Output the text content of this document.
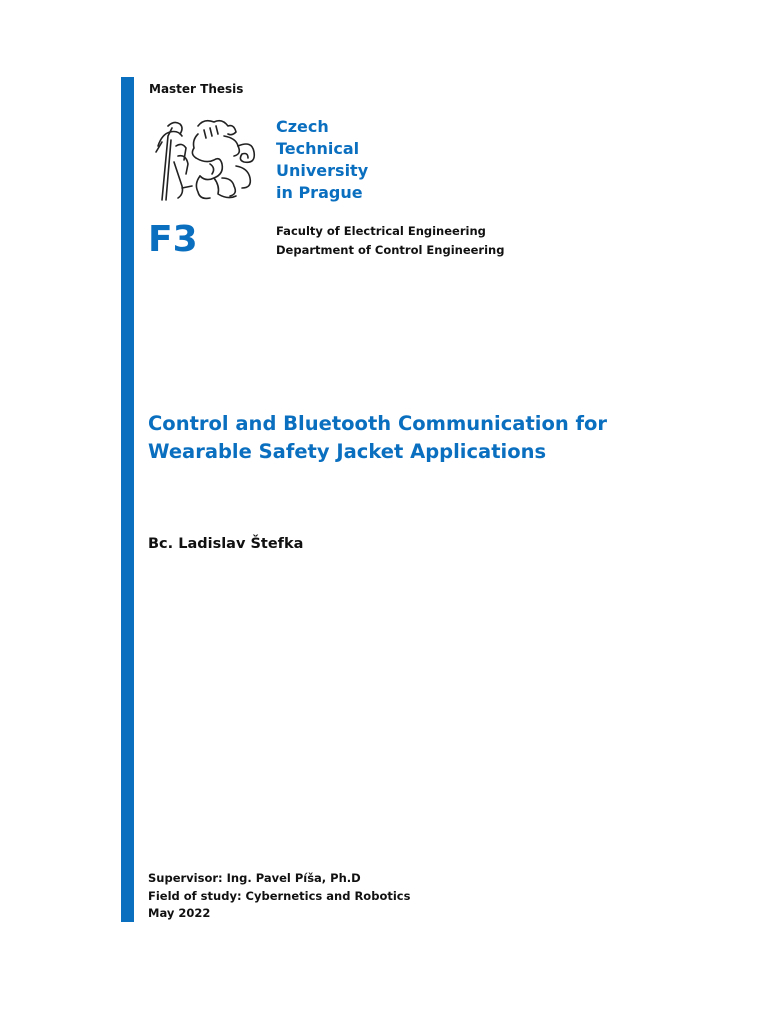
Master Thesis
Czech
Technical
University
in Prague
F3	Faculty of Electrical Engineering
Department of Control Engineering
Control and Bluetooth Communication for
Wearable Safety Jacket Applications
Bc. Ladislav Štefka
Supervisor: Ing. Pavel Píša, Ph.D
Field of study: Cybernetics and Robotics
May 2022
